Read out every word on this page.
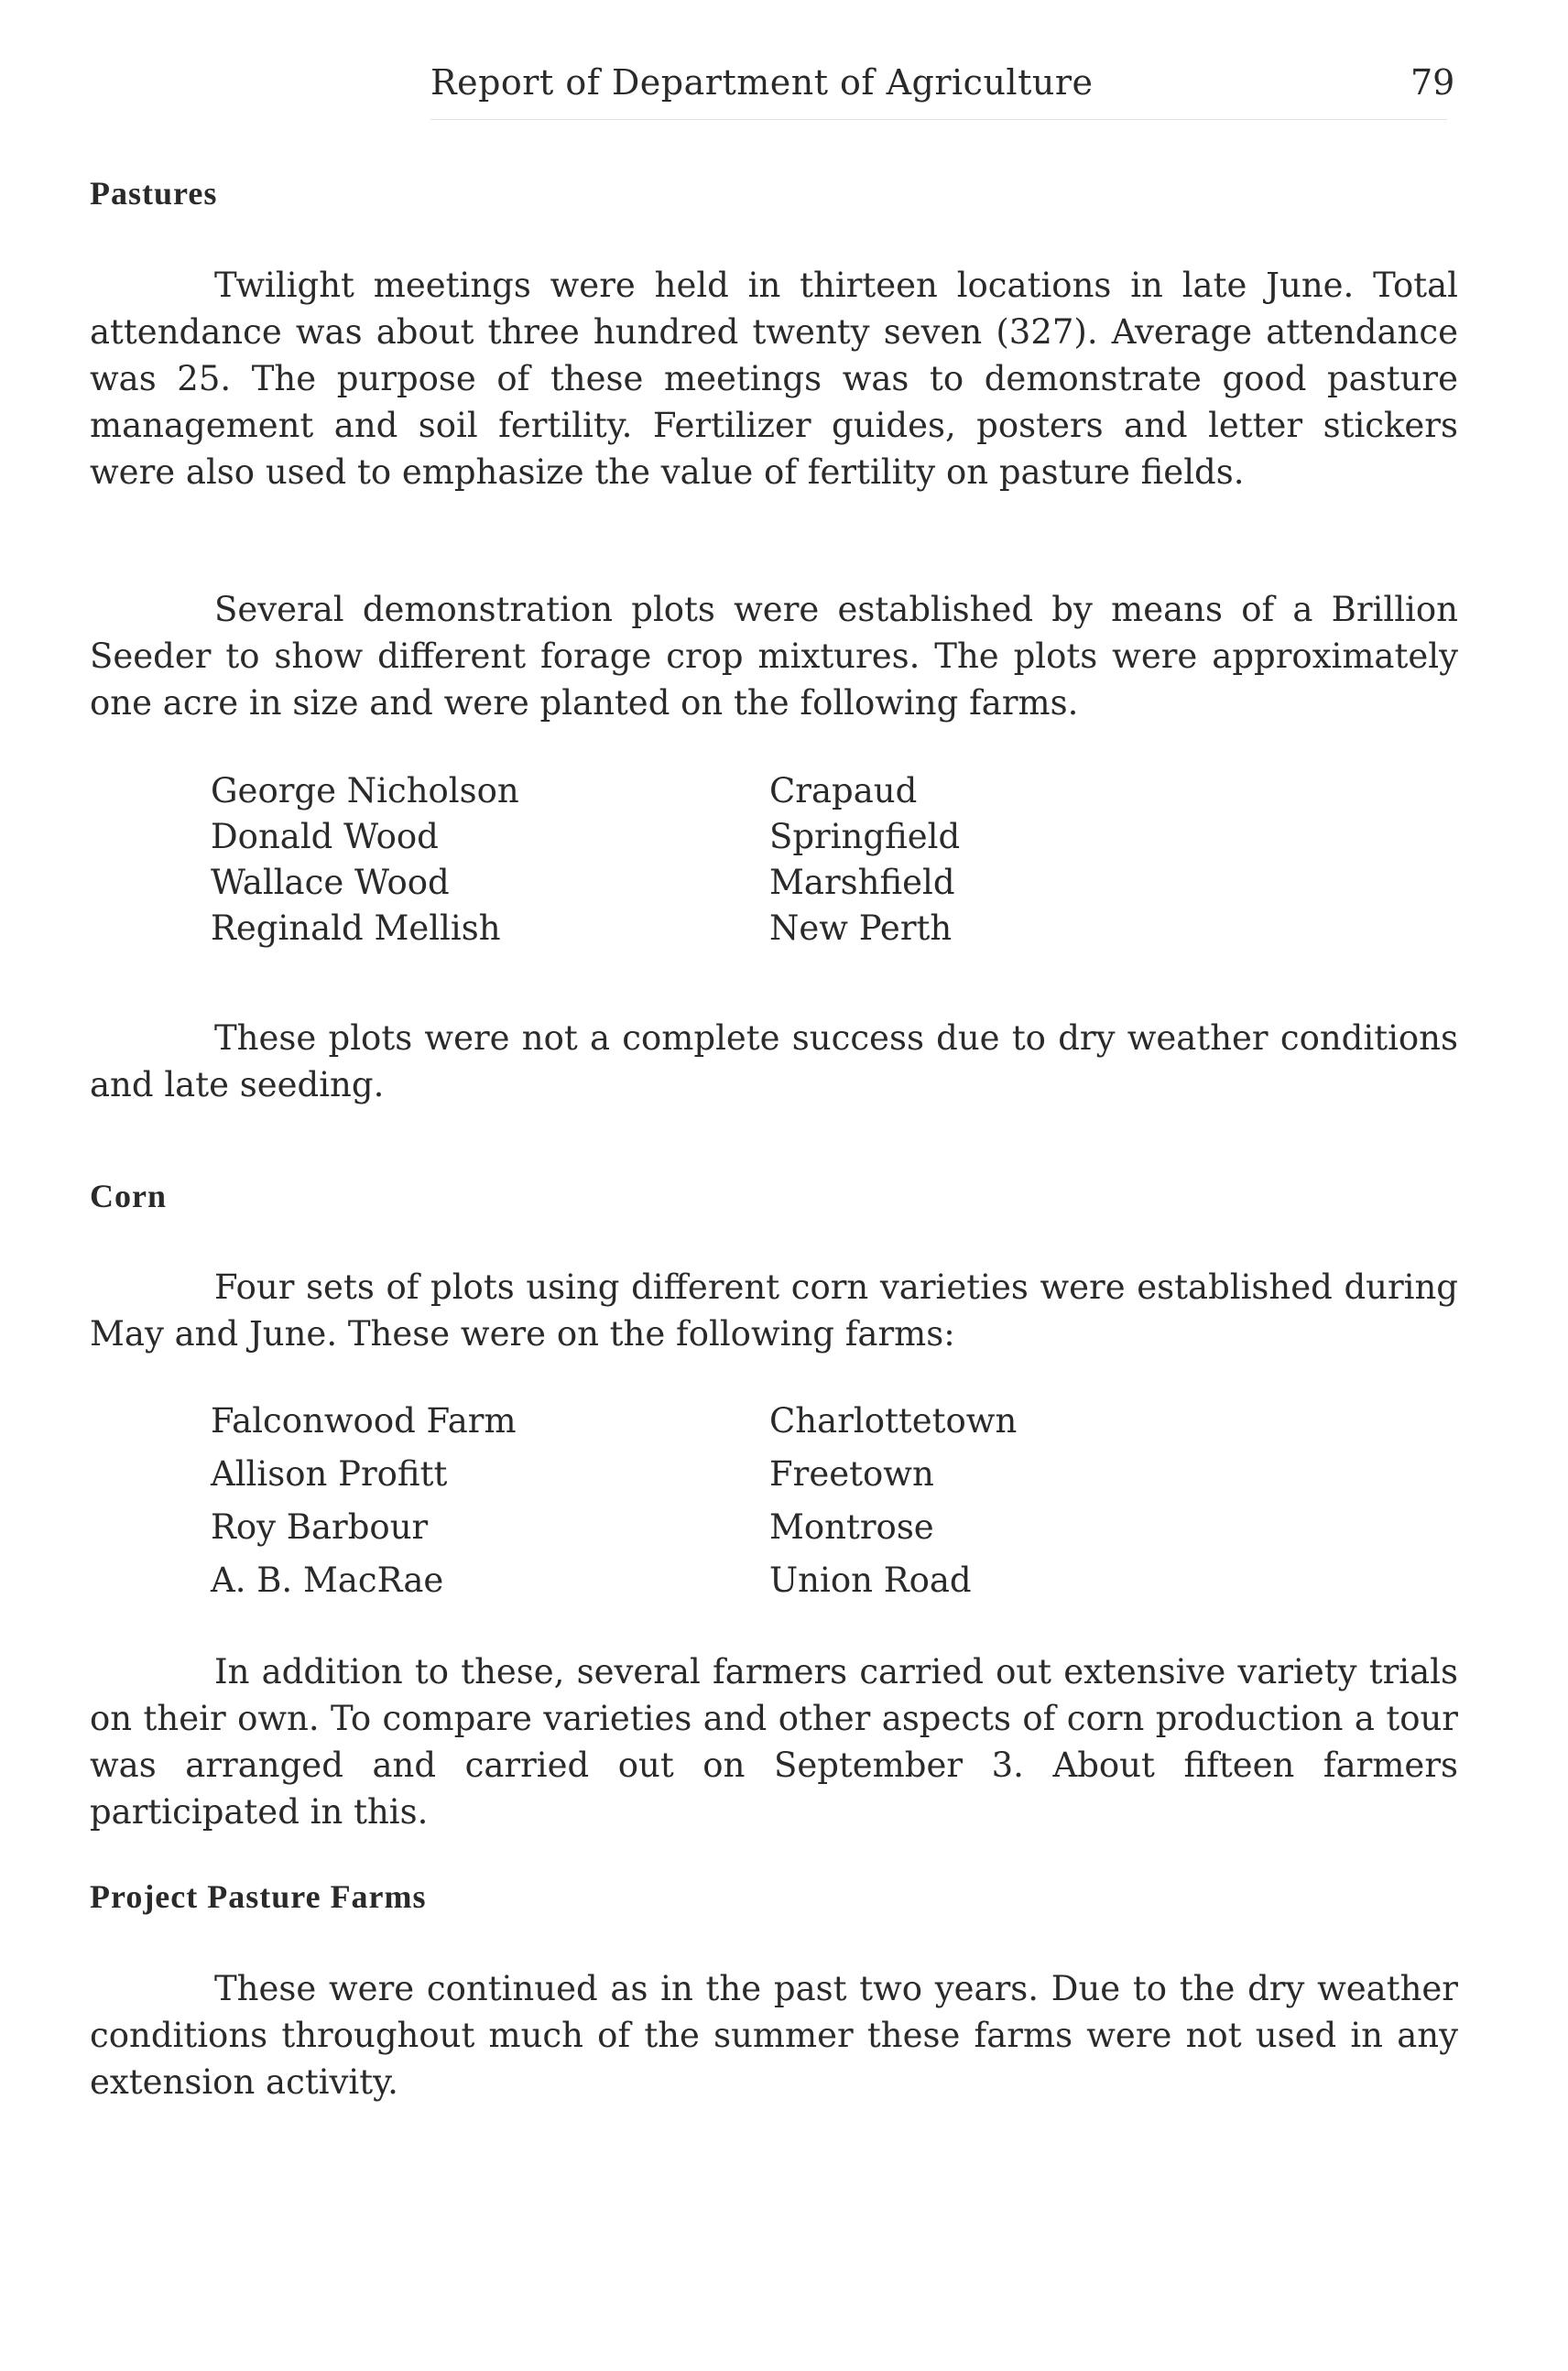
Report of Department of Agriculture	79
Pastures

Twilight meetings were held in thirteen locations in late June. Total attendance was about three hundred twenty seven (327). Average attendance was 25. The purpose of these meetings was to demonstrate good pasture management and soil fertility. Fertilizer guides, posters and letter stickers were also used to emphasize the value of fertility on pasture fields.

Several demonstration plots were established by means of a Brillion Seeder to show different forage crop mixtures. The plots were approximately one acre in size and were planted on the following farms.

George Nicholson	Crapaud
Donald Wood	Springfield
Wallace Wood	Marshfield
Reginald Mellish	New Perth

These plots were not a complete success due to dry weather conditions and late seeding.

Corn

Four sets of plots using different corn varieties were established during May and June. These were on the following farms:

Falconwood Farm	Charlottetown
Allison Profitt	Freetown
Roy Barbour	Montrose
A. B. MacRae	Union Road

In addition to these, several farmers carried out extensive variety trials on their own. To compare varieties and other aspects of corn production a tour was arranged and carried out on September 3. About fifteen farmers participated in this.

Project Pasture Farms

These were continued as in the past two years. Due to the dry weather conditions throughout much of the summer these farms were not used in any extension activity.
